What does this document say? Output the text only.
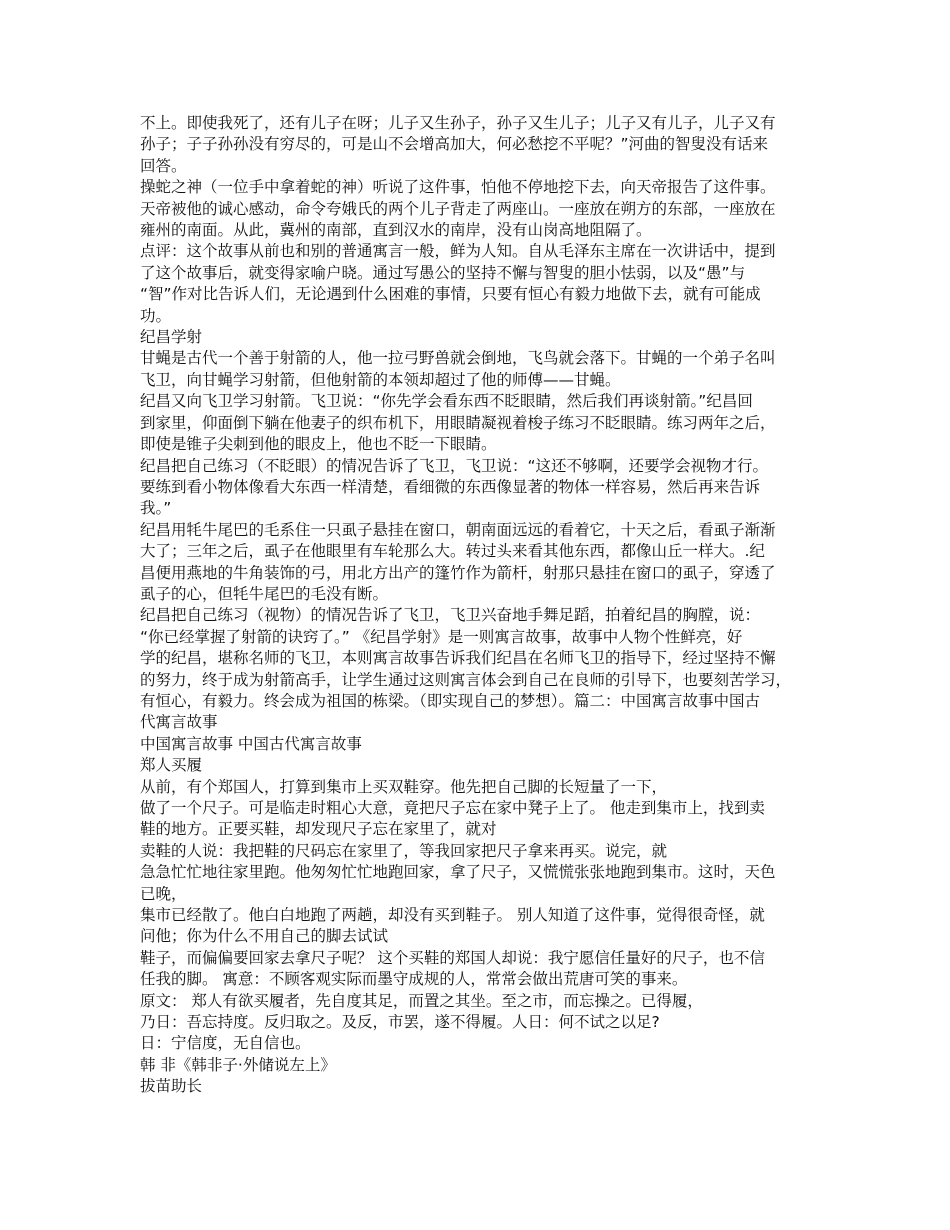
不上。即使我死了，还有儿子在呀；儿子又生孙子，孙子又生儿子；儿子又有儿子，儿子又有
孙子；子子孙孙没有穷尽的，可是山不会增高加大，何必愁挖不平呢？”河曲的智叟没有话来
回答。
操蛇之神（一位手中拿着蛇的神）听说了这件事，怕他不停地挖下去，向天帝报告了这件事。
天帝被他的诚心感动，命令夸娥氏的两个儿子背走了两座山。一座放在朔方的东部，一座放在
雍州的南面。从此，冀州的南部，直到汉水的南岸，没有山岗高地阻隔了。
点评：这个故事从前也和别的普通寓言一般，鲜为人知。自从毛泽东主席在一次讲话中，提到
了这个故事后，就变得家喻户晓。通过写愚公的坚持不懈与智叟的胆小怯弱，以及“愚”与
“智”作对比告诉人们，无论遇到什么困难的事情，只要有恒心有毅力地做下去，就有可能成
功。
纪昌学射
甘蝇是古代一个善于射箭的人，他一拉弓野兽就会倒地，飞鸟就会落下。甘蝇的一个弟子名叫
飞卫，向甘蝇学习射箭，但他射箭的本领却超过了他的师傅——甘蝇。
纪昌又向飞卫学习射箭。飞卫说：“你先学会看东西不眨眼睛，然后我们再谈射箭。”纪昌回
到家里，仰面倒下躺在他妻子的织布机下，用眼睛凝视着梭子练习不眨眼睛。练习两年之后，
即使是锥子尖刺到他的眼皮上，他也不眨一下眼睛。
纪昌把自己练习（不眨眼）的情况告诉了飞卫，飞卫说：“这还不够啊，还要学会视物才行。
要练到看小物体像看大东西一样清楚，看细微的东西像显著的物体一样容易，然后再来告诉
我。”
纪昌用牦牛尾巴的毛系住一只虱子悬挂在窗口，朝南面远远的看着它，十天之后，看虱子渐渐
大了；三年之后，虱子在他眼里有车轮那么大。转过头来看其他东西，都像山丘一样大。.纪
昌便用燕地的牛角装饰的弓，用北方出产的篷竹作为箭杆，射那只悬挂在窗口的虱子，穿透了
虱子的心，但牦牛尾巴的毛没有断。
纪昌把自己练习（视物）的情况告诉了飞卫，飞卫兴奋地手舞足蹈，拍着纪昌的胸膛，说：
“你已经掌握了射箭的诀窍了。” 《纪昌学射》是一则寓言故事，故事中人物个性鲜亮，好
学的纪昌，堪称名师的飞卫，本则寓言故事告诉我们纪昌在名师飞卫的指导下，经过坚持不懈
的努力，终于成为射箭高手，让学生通过这则寓言体会到自己在良师的引导下，也要刻苦学习，
有恒心，有毅力。终会成为祖国的栋梁。（即实现自己的梦想）。篇二：中国寓言故事中国古
代寓言故事
中国寓言故事 中国古代寓言故事
郑人买履
从前，有个郑国人，打算到集市上买双鞋穿。他先把自己脚的长短量了一下，
做了一个尺子。可是临走时粗心大意，竟把尺子忘在家中凳子上了。 他走到集市上，找到卖
鞋的地方。正要买鞋，却发现尺子忘在家里了，就对
卖鞋的人说：我把鞋的尺码忘在家里了，等我回家把尺子拿来再买。说完，就
急急忙忙地往家里跑。他匆匆忙忙地跑回家，拿了尺子，又慌慌张张地跑到集市。这时，天色
已晚，
集市已经散了。他白白地跑了两趟，却没有买到鞋子。 别人知道了这件事，觉得很奇怪，就
问他；你为什么不用自己的脚去试试
鞋子，而偏偏要回家去拿尺子呢？ 这个买鞋的郑国人却说：我宁愿信任量好的尺子，也不信
任我的脚。 寓意：不顾客观实际而墨守成规的人，常常会做出荒唐可笑的事来。
原文： 郑人有欲买履者，先自度其足，而置之其坐。至之市，而忘操之。已得履，
乃日：吾忘持度。反归取之。及反，市罢，遂不得履。人日：何不试之以足?
日：宁信度，无自信也。
韩 非《韩非子·外储说左上》
拔苗助长
